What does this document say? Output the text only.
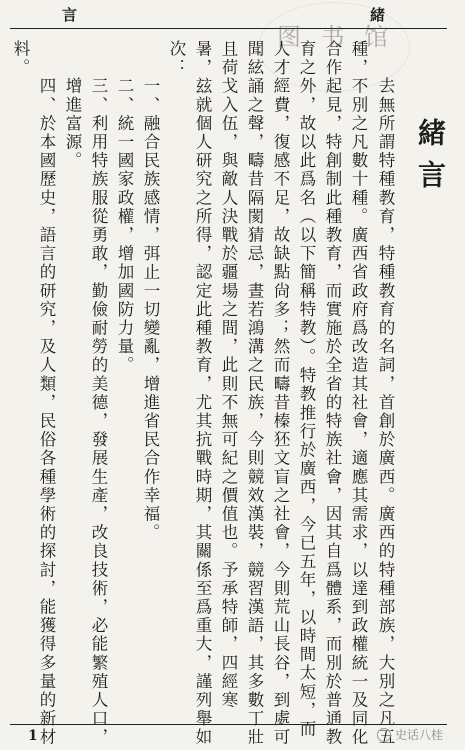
言	緒
图 书 馆
緒言
　　去無所謂特種教育，特種教育的名詞，首創於廣西。廣西的特種部族，大別之凡五
種，不別之凡數十種。廣西省政府爲改造其社會，適應其需求，以達到政權統一及同化
合作起見，特創制此種教育，而實施於全省的特族社會，因其自爲體系，而別於普通教
育之外，故以此爲名（以下簡稱特教）。特教推行於廣西，今已五年，以時間太短，而
人才經費，復感不足，故缺點尙多；然而疇昔榛狉文盲之社會，今則荒山長谷，到處可
聞絃誦之聲，疇昔隔閡猜忌，晝若鴻溝之民族，今則競效漢裝，競習漢語，其多數丁壯
且荷戈入伍，與敵人決戰於疆場之間，此則不無可紀之價值也。予承特師，四經寒
暑，玆就個人研究之所得，認定此種教育，尤其抗戰時期，其關係至爲重大，謹列舉如
次：
　　一、融合民族感情，弭止一切變亂，增進省民合作幸福。
　　二、統一國家政權，增加國防力量。
　　三、利用特族服從勇敢，勤儉耐勞的美德，發展生產，改良技術，必能繁殖人口，
　　增進富源。
　　四、於本國歷史，語言的研究，及人類，民俗各種學術的探討，能獲得多量的新材
料。
1	史话八桂
